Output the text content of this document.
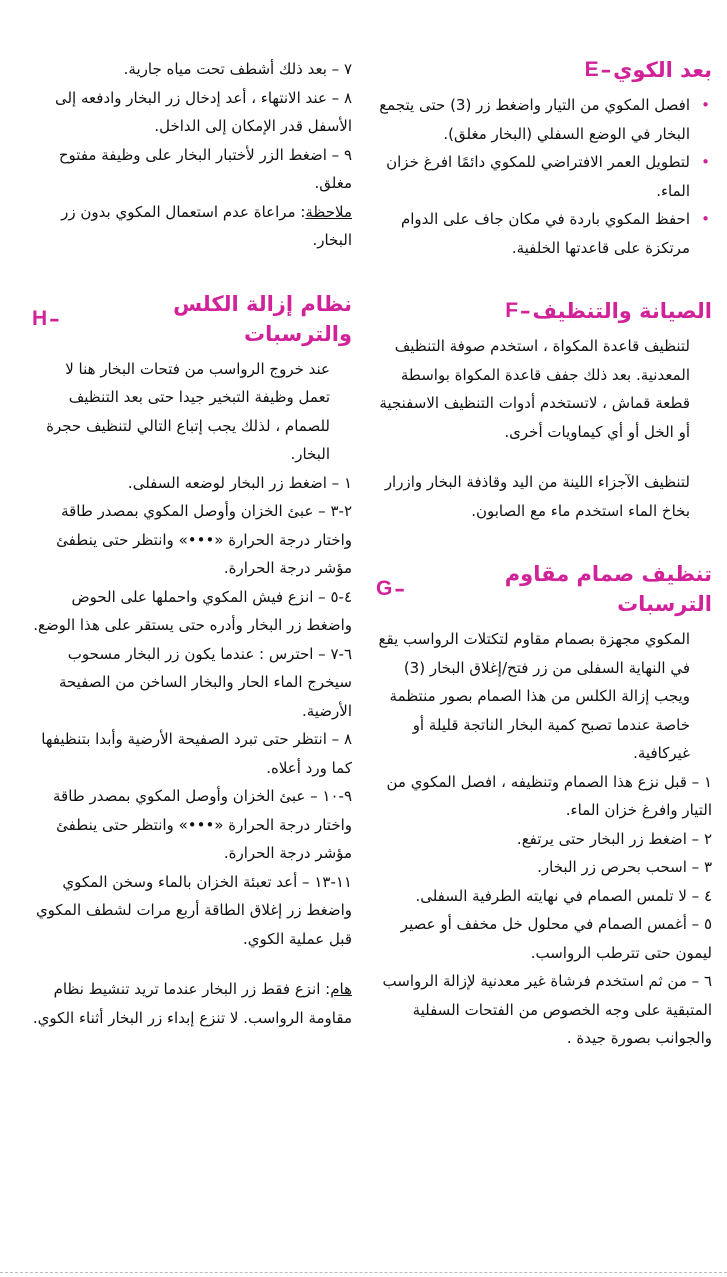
E – بعد الكوي
• افصل المكوي من التيار واضغط زر (3) حتى يتجمع البخار في الوضع السفلي (البخار مغلق).
• لتطويل العمر الافتراضي للمكوي دائمًا افرغ خزان الماء.
• احفظ المكوي باردة في مكان جاف على الدوام مرتكزة على قاعدتها الخلفية.
F – الصيانة والتنظيف

لتنظيف قاعدة المكواة ، استخدم صوفة التنظيف المعدنية. بعد ذلك جفف قاعدة المكواة بواسطة قطعة قماش ، لاتستخدم أدوات التنظيف الاسفنجية أو الخل أو أي كيماويات أخرى.

لتنظيف الآجزاء اللينة من اليد وقاذفة البخار وازرار بخاخ الماء استخدم ماء مع الصابون.

G –
تنظيف صمام مقاوم الترسبات

المكوي مجهزة بصمام مقاوم لتكتلات الرواسب يقع في النهاية السفلى من زر فتح/إغلاق البخار (3) ويجب إزالة الكلس من هذا الصمام بصور منتظمة خاصة عندما تصبح كمية البخار الناتجة قليلة أو غيركافية.

١ – قبل نزع هذا الصمام وتنظيفه ، افصل المكوي من التيار وافرغ خزان الماء.

٢ – اضغط زر البخار حتى يرتفع.

٣ – اسحب بحرص زر البخار.

٤ – لا تلمس الصمام في نهايته الطرفية السفلى.

٥ – أغمس الصمام في محلول خل مخفف أو عصير ليمون حتى تترطب الرواسب.

٦ – من ثم استخدم فرشاة غير معدنية لإزالة الرواسب المتبقية على وجه الخصوص من الفتحات السفلية والجوانب بصورة جيدة .

٧ – بعد ذلك أشطف تحت مياه جارية.

٨ – عند الانتهاء ، أعد إدخال زر البخار وادفعه إلى الأسفل قدر الإمكان إلى الداخل.

٩ – اضغط الزر لأختبار البخار على وظيفة مفتوح مغلق.

ملاحظة: مراعاة عدم استعمال المكوي بدون زر البخار.

H –
نظام إزالة الكلس والترسبات

عند خروج الرواسب من فتحات البخار هنا لا تعمل وظيفة التبخير جيدا حتى بعد التنظيف للصمام ، لذلك يجب إتباع التالي لتنظيف حجرة البخار.

١ – اضغط زر البخار لوضعه السفلى.

٢-٣ – عبئ الخزان وأوصل المكوي بمصدر طاقة واختار درجة الحرارة «•••» وانتظر حتى ينطفئ مؤشر درجة الحرارة.

٤-٥ – انزع فيش المكوي واحملها على الحوض واضغط زر البخار وأدره حتى يستقر على هذا الوضع.

٦-٧ – احترس : عندما يكون زر البخار مسحوب سيخرج الماء الحار والبخار الساخن من الصفيحة الأرضية.

٨ – انتظر حتى تبرد الصفيحة الأرضية وأبدا بتنظيفها كما ورد أعلاه.

٩-١٠ – عبئ الخزان وأوصل المكوي بمصدر طاقة واختار درجة الحرارة «•••» وانتظر حتى ينطفئ مؤشر درجة الحرارة.

١١-١٣ – أعد تعبئة الخزان بالماء وسخن المكوي واضغط زر إغلاق الطاقة أربع مرات لشطف المكوي قبل عملية الكوي.

هام: انزع فقط زر البخار عندما تريد تنشيط نظام مقاومة الرواسب. لا تنزع إبداء زر البخار أثناء الكوي.
